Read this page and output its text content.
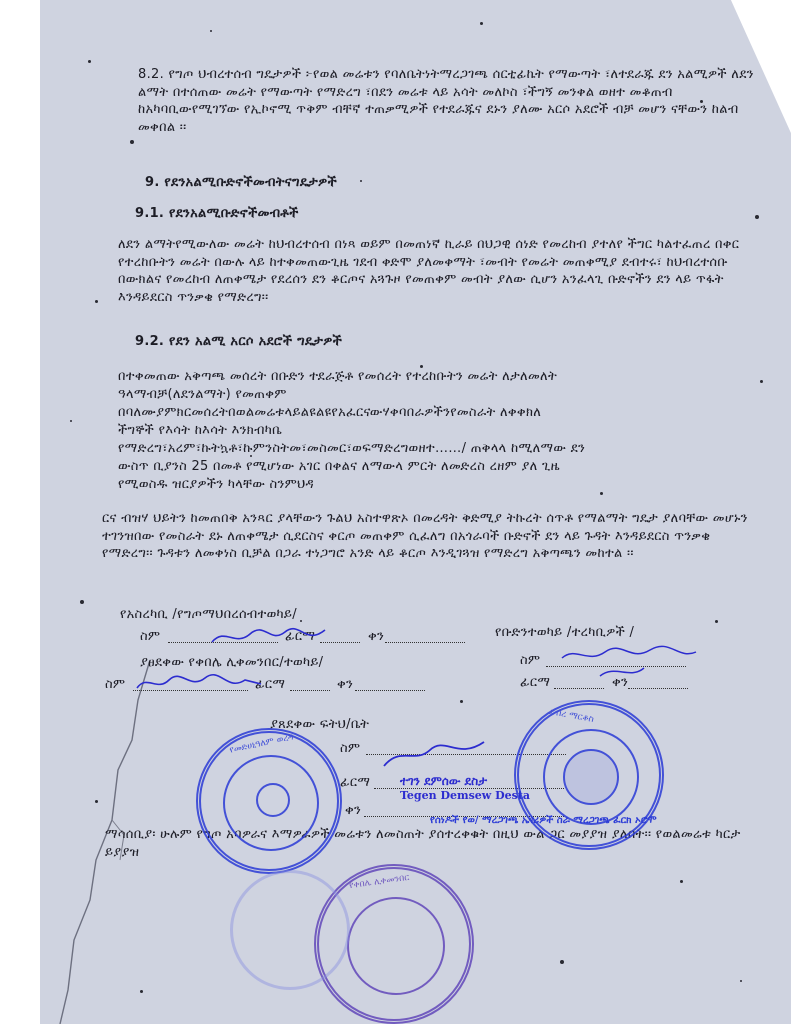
8.2. የግጦ ህብረተሰብ ግዴታዎች ፦የወል መሬቱን የባለቤትነትማረጋገጫ ሰርቲፊኬት የማውጣት ፣ለተደራጁ ደን አልሚዎች ለደን ልማት በተሰጠው መሬት የማውጣት የማድረግ ፣በደን መሬቱ ላይ አሳት መለኮስ ፣ችግኝ መንቀል ወዘተ መቆጠብ ከአካባቢውየሚገኘው የኢኮኖሚ ጥቅም ብቸኛ ተጠቃሚዎች የተደራጁና ደኑን ያለሙ አርሶ አደሮች ብቻ መሆን ናቸውን ከልብ መቀበል ፡፡

9. የደንአልሚቡድኖችመብትናግዴታዎች

9.1. የደንአልሚቡድኖችመብቶች

ለደን ልማትየሚውለው መሬት ከህብረተሰብ በነጻ ወይም በመጠነኛ ኪራይ በህጋዊ ሰነድ የመረከብ ያተለየ ችግር ካልተፈጠረ በቀር የተረከቡትን መሬት በውሉ ላይ ከተቀመጠውጊዜ ገደብ ቀድሞ ያለመቀማት ፣መብት የመሬት መጠቀሚያ ደብተሩ፣ ከህብረተሰቡ በውክልና የመረከብ ለጠቀሜታ የደረሰን ደን ቆርጦና አጓጉዞ የመጠቀም መብት ያለው ሲሆን አንፈላጊ ቡድኖችን ደን ላይ ጥፋት እንዳይደርስ ጥንቃቄ የማድረግ፡፡

9.2. የደን አልሚ አርሶ አደሮች ግዴታዎች

በተቀመጠው አቅጣጫ መሰረት በቡድን ተደራጅቶ የመሰረት የተረከቡትን መሬት ለታለመለት

ዓላማብቻ(ለደንልማት) የመጠቀም

በባለሙያምክርመሰረትበወልመሬቱላይልዩልዩየአፈርናውሃቀባበራዎችንየመስራት ለቀቀክለ

ችግኞች የእሳት ከእሳት እንክብካቤ

የማድረግ፣አረም፣ኩትኳቶ፣ኩምንስትመ፣መስመር፣ወፍማድረግወዘተ……/ ጠቅላላ ከሚለማው ደን

ውስጥ ቢያንስ 25 በመቶ የሚሆነው አገር በቀልና ለማውላ ምርት ለመድረስ ረዘም ያለ ጊዜ

የሚወስዱ ዝርያዎችን ካላቸው ስንምህዳ

ርና ብዝሃ ህይትን ከመጠበቅ አንጻር ያላቸውን ጉልህ አስተዋጽኦ በመረዳት ቅድሚያ ትኩረት ሰጥቶ የማልማት ግዴታ ያለባቸው መሆኑን ተገንዝበው የመስራት ደኑ ለጠቀሜታ ሲደርስና ቀርጦ መጠቀም ሲፈለግ በአጎራባች ቡድኖች ደን ላይ ጉዳት እንዳይደርስ ጥንቃቄ የማድረግ፡፡ ጉዳቱን ለመቀነስ ቢቻል በጋራ ተነጋግሮ አንድ ላይ ቆርጦ እንዲገጓዝ የማድረግ አቅጣጫን መከተል ፡፡

የአስረካቢ /የግጦማህበረሰብተወካይ/

ስም	ፊርማ	ቀን

ያፀደቀው የቀበሌ ሊቀመንበር/ተወካይ/

ስም	ፊርማ	ቀን

የቡድንተወካይ /ተረካቢዎች /

ስም
ፊርማ	ቀን

ያጸደቀው ፍትህ/ቤት

ስም
ፊርማ
ቀን
ተገን ደምሰው ደስታ
Tegen Demsew Desta
የሰነዶች የወ/ ማረጋገጫ ኤናሪዎች ስራ ማረጋገጫ ፈርክ ኦሮሞ

ማሳሰቢያ፡ ሁሉም የግጦ አባዎራና እማዎራዎች መሬቱን ለመስጠት ያሰተረቀቁት በዚህ ውል ጋር መያያዝ ያለበት፡፡ የወልመሬቱ ካርታ ይያያዝ

የመድሀኒዓለም ወረዳ
ደብረ ማርቆስ
የቀበሌ ሊቀመንበር
